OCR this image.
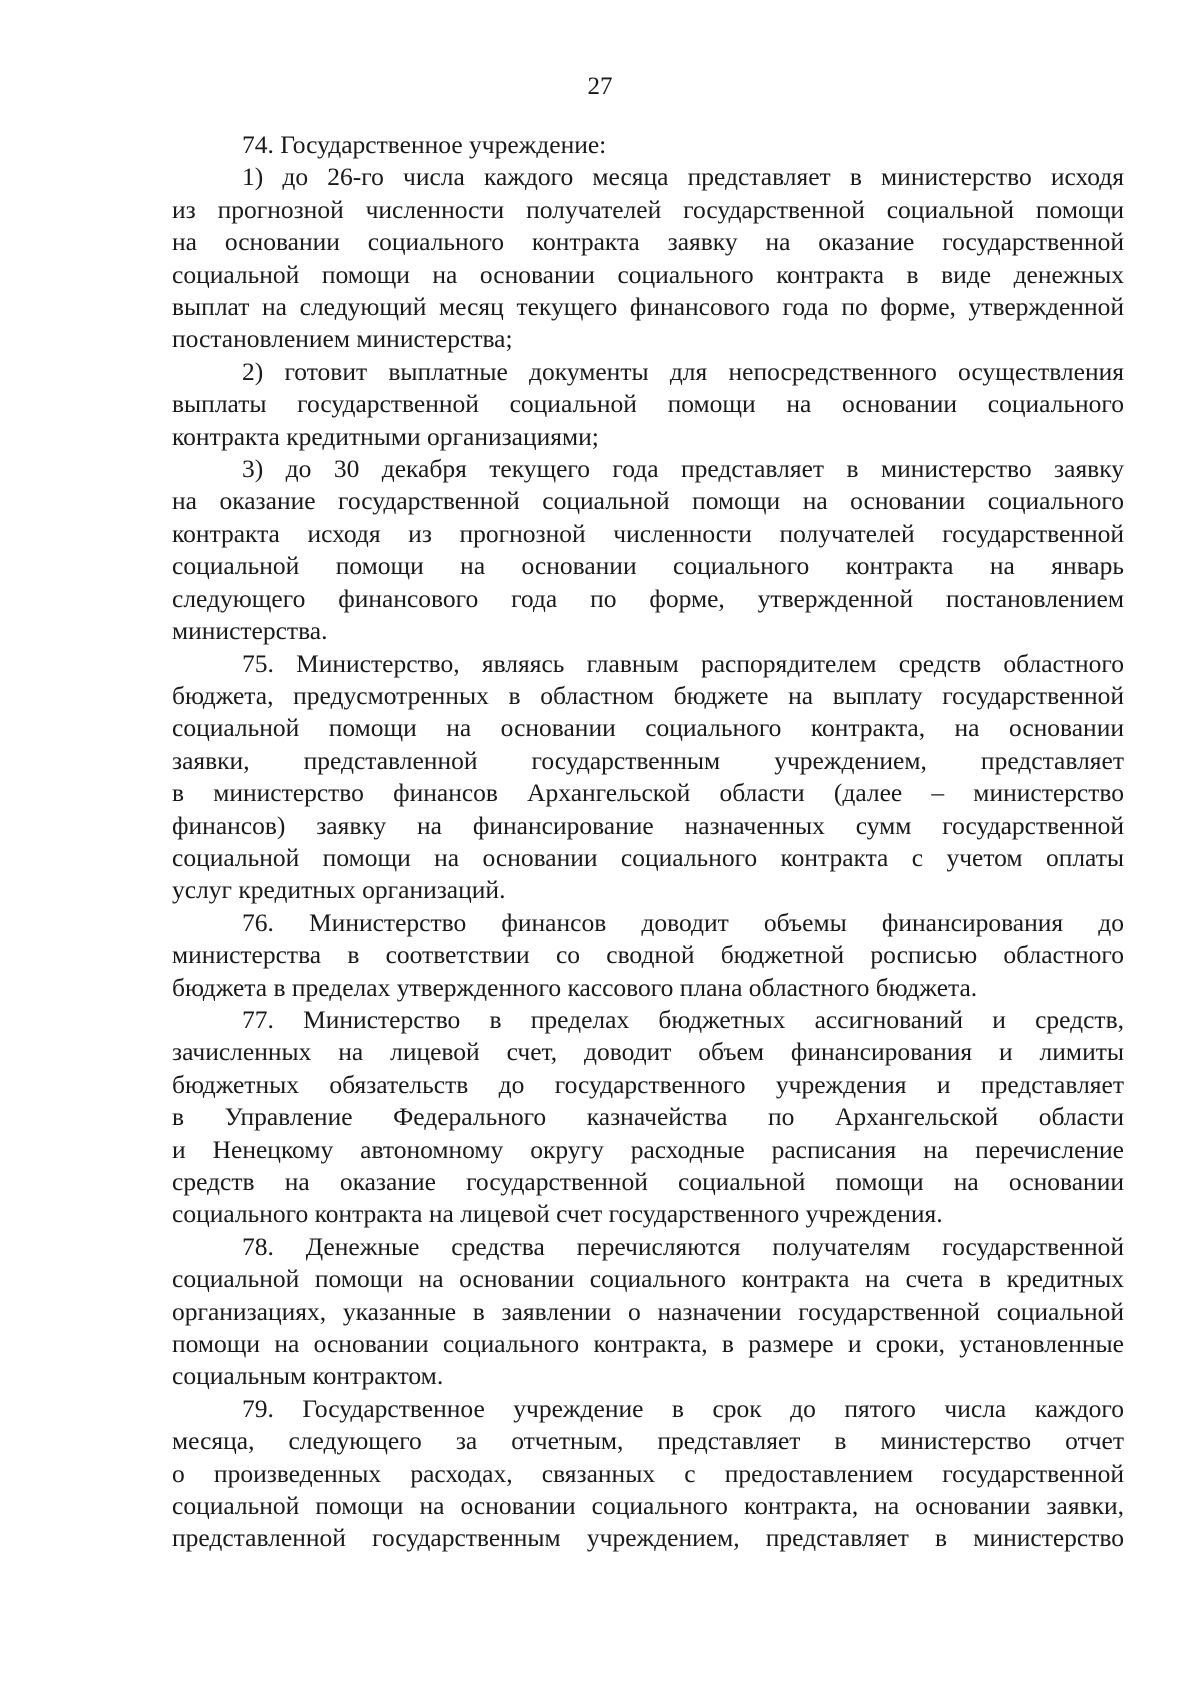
27
74. Государственное учреждение:
1) до 26-го числа каждого месяца представляет в министерство исходя
из прогнозной численности получателей государственной социальной помощи
на основании социального контракта заявку на оказание государственной
социальной помощи на основании социального контракта в виде денежных
выплат на следующий месяц текущего финансового года по форме, утвержденной
постановлением министерства;
2) готовит выплатные документы для непосредственного осуществления
выплаты государственной социальной помощи на основании социального
контракта кредитными организациями;
3) до 30 декабря текущего года представляет в министерство заявку
на оказание государственной социальной помощи на основании социального
контракта исходя из прогнозной численности получателей государственной
социальной помощи на основании социального контракта на январь
следующего финансового года по форме, утвержденной постановлением
министерства.
75. Министерство, являясь главным распорядителем средств областного
бюджета, предусмотренных в областном бюджете на выплату государственной
социальной помощи на основании социального контракта, на основании
заявки, представленной государственным учреждением, представляет
в министерство финансов Архангельской области (далее – министерство
финансов) заявку на финансирование назначенных сумм государственной
социальной помощи на основании социального контракта с учетом оплаты
услуг кредитных организаций.
76. Министерство финансов доводит объемы финансирования до
министерства в соответствии со сводной бюджетной росписью областного
бюджета в пределах утвержденного кассового плана областного бюджета.
77. Министерство в пределах бюджетных ассигнований и средств,
зачисленных на лицевой счет, доводит объем финансирования и лимиты
бюджетных обязательств до государственного учреждения и представляет
в Управление Федерального казначейства по Архангельской области
и Ненецкому автономному округу расходные расписания на перечисление
средств на оказание государственной социальной помощи на основании
социального контракта на лицевой счет государственного учреждения.
78. Денежные средства перечисляются получателям государственной
социальной помощи на основании социального контракта на счета в кредитных
организациях, указанные в заявлении о назначении государственной социальной
помощи на основании социального контракта, в размере и сроки, установленные
социальным контрактом.
79. Государственное учреждение в срок до пятого числа каждого
месяца, следующего за отчетным, представляет в министерство отчет
о произведенных расходах, связанных с предоставлением государственной
социальной помощи на основании социального контракта, на основании заявки,
представленной государственным учреждением, представляет в министерство
